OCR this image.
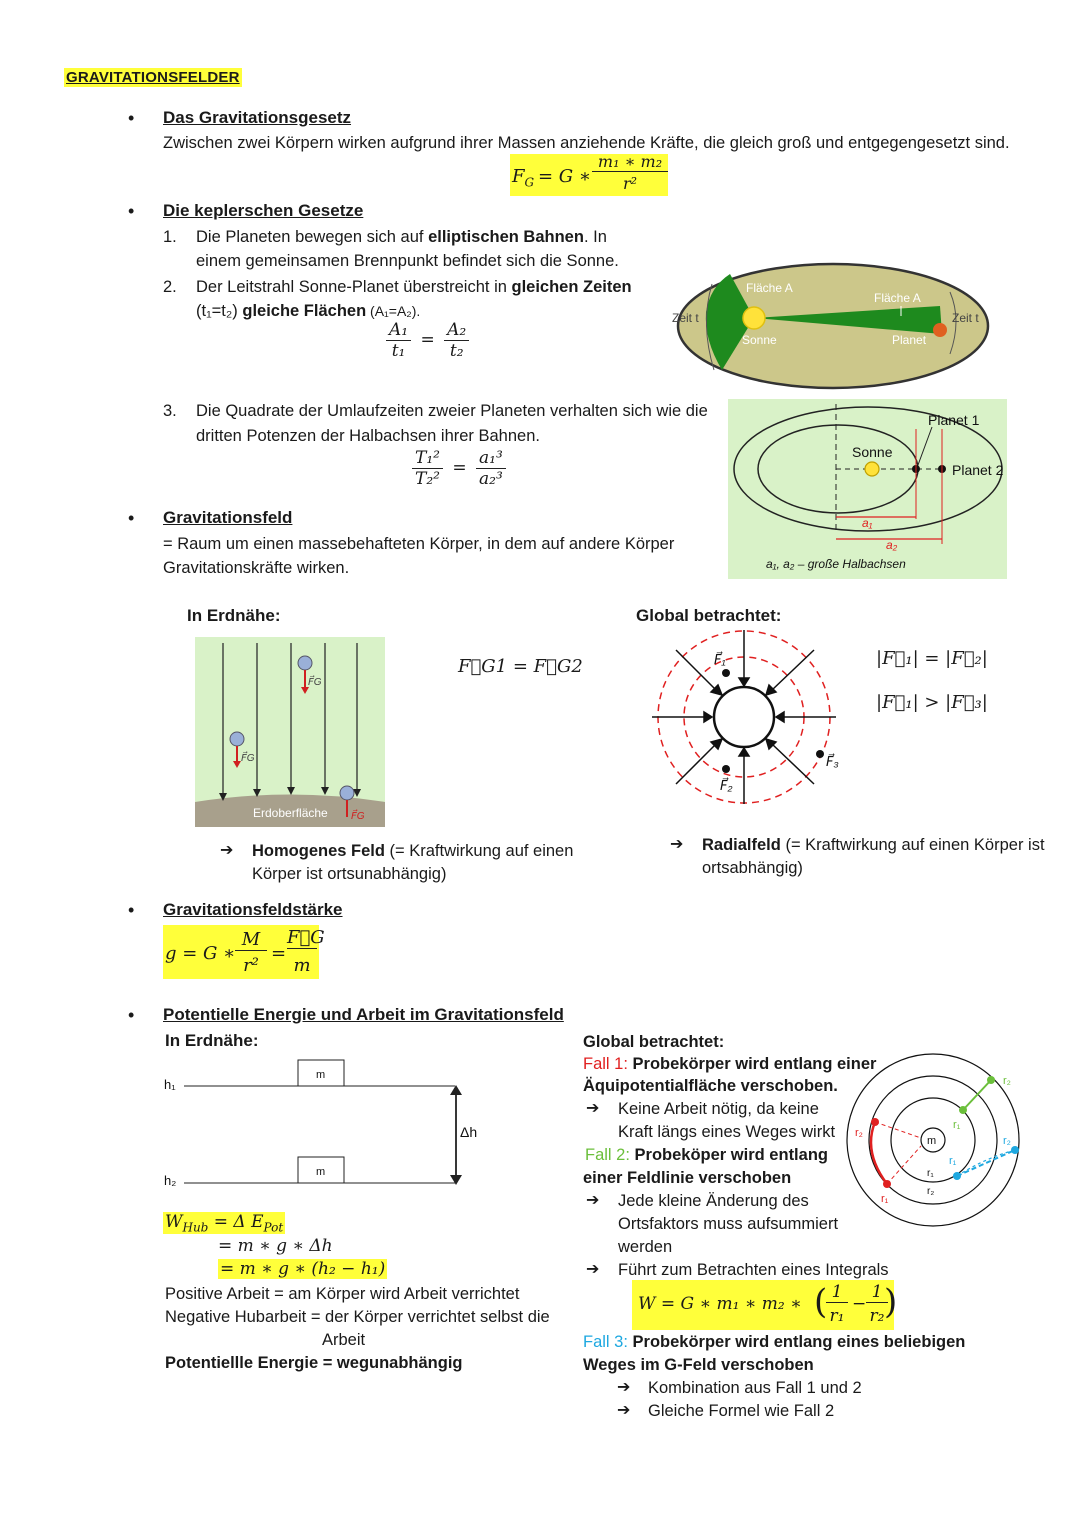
GRAVITATIONSFELDER
• Das Gravitationsgesetz
Zwischen zwei Körpern wirken aufgrund ihrer Massen anziehende Kräfte, die gleich groß und entgegengesetzt sind.
$F_G = G$ ∗
m₁ ∗ m₂
r²
• Die keplerschen Gesetze
1. Die Planeten bewegen sich auf elliptischen Bahnen. In
einem gemeinsamen Brennpunkt befindet sich die Sonne.
2. Der Leitstrahl Sonne-Planet überstreicht in gleichen Zeiten
(t₁=t₂) gleiche Flächen (A₁=A₂).
$\frac{\text{A₁}}{\text{t₁}} = \frac{\text{A₂}}{\text{t₂}}$
Fläche A
Fläche A
Zeit t	Zeit t
Sonne	Planet
3. Die Quadrate der Umlaufzeiten zweier Planeten verhalten sich wie die
dritten Potenzen der Halbachsen ihrer Bahnen.
$\frac{\text{T₁²}}{\text{T₂²}} = \frac{\text{a₁³}}{\text{a₂³}}$
Planet 1
Planet 2
Sonne
a₁
a₂
a₁, a₂ – große Halbachsen
• Gravitationsfeld
= Raum um einen massebehafteten Körper, in dem auf andere Körper
Gravitationskräfte wirken.
In Erdnähe:	Global betrachtet:
F⃗G
F⃗G
F⃗G
Erdoberfläche
F⃗G1 = F⃗G2	F⃗₁
F⃗₂
F⃗₃
|F⃗₁| = |F⃗₂|
|F⃗₁| > |F⃗₃|
➔ Homogenes Feld (= Kraftwirkung auf einen
Körper ist ortsunabhängig)
➔ Radialfeld (= Kraftwirkung auf einen Körper ist
ortsabhängig)
• Gravitationsfeldstärke
g = G ∗
M
r²
=
F⃗G
m
• Potentielle Energie und Arbeit im Gravitationsfeld
In Erdnähe:
h₁
h₂
m
m
Δh
$W_{Hub} = \Delta$ $E_{Pot}$
= m ∗ g ∗ Δh
= m ∗ g ∗ (h₂ − h₁)
Positive Arbeit = am Körper wird Arbeit verrichtet
Negative Hubarbeit = der Körper verrichtet selbst die
Arbeit
Potentiellle Energie = wegunabhängig
Global betrachtet:
Fall 1: Probekörper wird entlang einer
Äquipotentialfläche verschoben.
➔ Keine Arbeit nötig, da keine
Kraft längs eines Weges wirkt
Fall 2: Probeköper wird entlang
einer Feldlinie verschoben
➔ Jede kleine Änderung des
Ortsfaktors muss aufsummiert
werden
➔ Führt zum Betrachten eines Integrals
W = G ∗ m₁ ∗ m₂ ∗ ( 1
r₁
−
1
r₂ )
Fall 3: Probekörper wird entlang eines beliebigen
Weges im G-Feld verschoben
➔ Kombination aus Fall 1 und 2
➔ Gleiche Formel wie Fall 2
m
r₁
r₂
r₂
r₁
r₁
r₂
r₁
r₂
